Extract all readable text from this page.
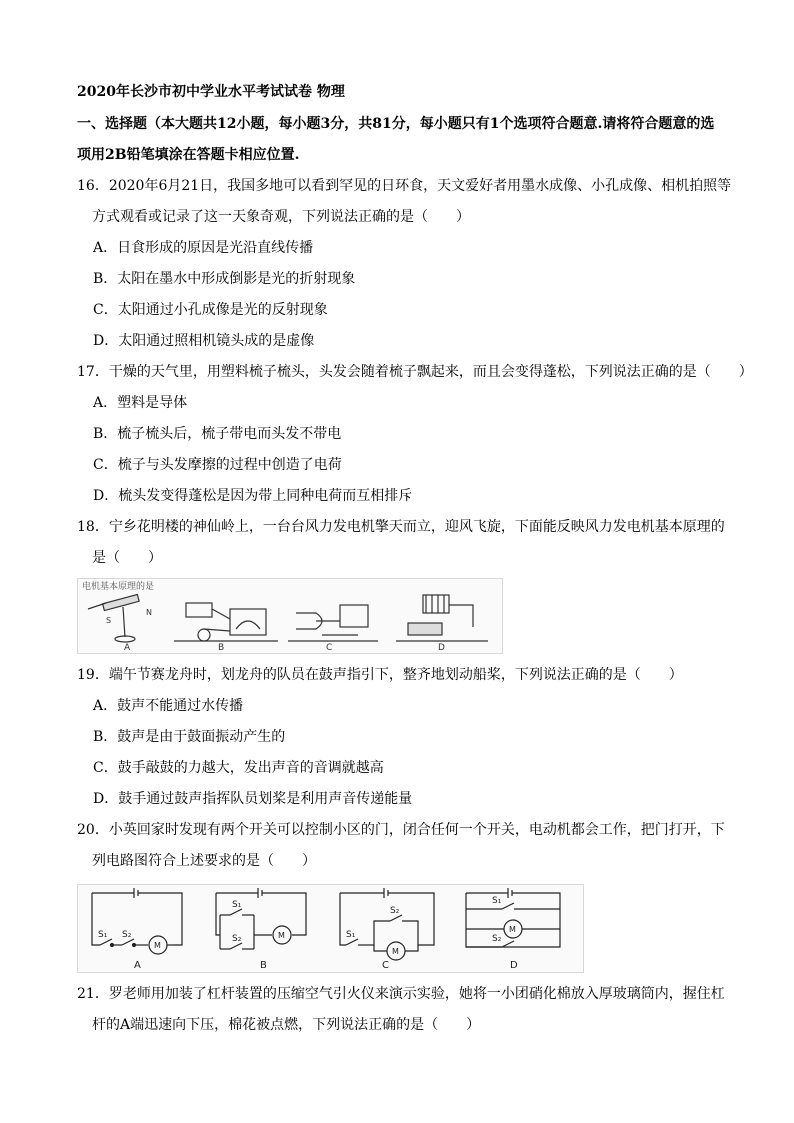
2020年长沙市初中学业水平考试试卷 物理
一、选择题（本大题共12小题，每小题3分，共81分，每小题只有1个选项符合题意.请将符合题意的选
项用2B铅笔填涂在答题卡相应位置.
16．2020年6月21日，我国多地可以看到罕见的日环食，天文爱好者用墨水成像、小孔成像、相机拍照等
方式观看或记录了这一天象奇观，下列说法正确的是（　　）
A．日食形成的原因是光沿直线传播
B．太阳在墨水中形成倒影是光的折射现象
C．太阳通过小孔成像是光的反射现象
D．太阳通过照相机镜头成的是虚像
17．干燥的天气里，用塑料梳子梳头，头发会随着梳子飘起来，而且会变得蓬松，下列说法正确的是（　　）
A．塑料是导体
B．梳子梳头后，梳子带电而头发不带电
C．梳子与头发摩擦的过程中创造了电荷
D．梳头发变得蓬松是因为带上同种电荷而互相排斥
18．宁乡花明楼的神仙岭上，一台台风力发电机擎天而立，迎风飞旋，下面能反映风力发电机基本原理的
是（　　）
电机基本原理的是
S
N
A	B	C	D
19．端午节赛龙舟时，划龙舟的队员在鼓声指引下，整齐地划动船桨，下列说法正确的是（　　）
A．鼓声不能通过水传播
B．鼓声是由于鼓面振动产生的
C．鼓手敲鼓的力越大，发出声音的音调就越高
D．鼓手通过鼓声指挥队员划桨是利用声音传递能量
20．小英回家时发现有两个开关可以控制小区的门，闭合任何一个开关，电动机都会工作，把门打开，下
列电路图符合上述要求的是（　　）
S₁ S₂
M
S₁
S₂	M	S₁
S₂
M
S₁
S₂
M
A	B	C	D
21．罗老师用加装了杠杆装置的压缩空气引火仪来演示实验，她将一小团硝化棉放入厚玻璃筒内，握住杠
杆的A端迅速向下压，棉花被点燃，下列说法正确的是（　　）
